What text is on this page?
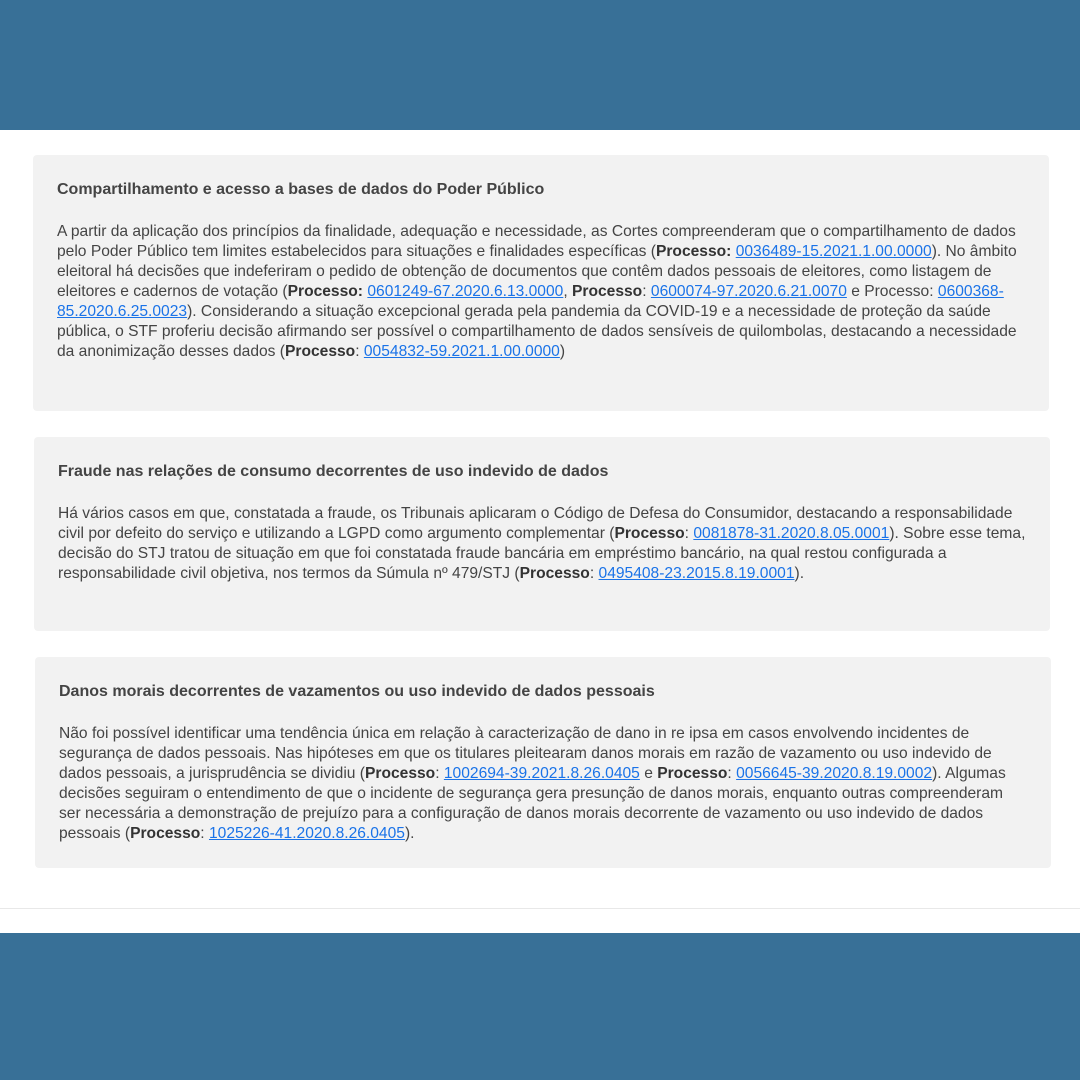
Compartilhamento e acesso a bases de dados do Poder Público

A partir da aplicação dos princípios da finalidade, adequação e necessidade, as Cortes compreenderam que o compartilhamento de dados pelo Poder Público tem limites estabelecidos para situações e finalidades específicas (Processo: 0036489-15.2021.1.00.0000). No âmbito eleitoral há decisões que indeferiram o pedido de obtenção de documentos que contêm dados pessoais de eleitores, como listagem de eleitores e cadernos de votação (Processo: 0601249-67.2020.6.13.0000, Processo: 0600074-97.2020.6.21.0070 e Processo: 0600368-85.2020.6.25.0023). Considerando a situação excepcional gerada pela pandemia da COVID-19 e a necessidade de proteção da saúde pública, o STF proferiu decisão afirmando ser possível o compartilhamento de dados sensíveis de quilombolas, destacando a necessidade da anonimização desses dados (Processo: 0054832-59.2021.1.00.0000)

Fraude nas relações de consumo decorrentes de uso indevido de dados

Há vários casos em que, constatada a fraude, os Tribunais aplicaram o Código de Defesa do Consumidor, destacando a responsabilidade civil por defeito do serviço e utilizando a LGPD como argumento complementar (Processo: 0081878-31.2020.8.05.0001). Sobre esse tema, decisão do STJ tratou de situação em que foi constatada fraude bancária em empréstimo bancário, na qual restou configurada a responsabilidade civil objetiva, nos termos da Súmula nº 479/STJ (Processo: 0495408-23.2015.8.19.0001).

Danos morais decorrentes de vazamentos ou uso indevido de dados pessoais

Não foi possível identificar uma tendência única em relação à caracterização de dano in re ipsa em casos envolvendo incidentes de segurança de dados pessoais. Nas hipóteses em que os titulares pleitearam danos morais em razão de vazamento ou uso indevido de dados pessoais, a jurisprudência se dividiu (Processo: 1002694-39.2021.8.26.0405 e Processo: 0056645-39.2020.8.19.0002). Algumas decisões seguiram o entendimento de que o incidente de segurança gera presunção de danos morais, enquanto outras compreenderam ser necessária a demonstração de prejuízo para a configuração de danos morais decorrente de vazamento ou uso indevido de dados pessoais (Processo: 1025226-41.2020.8.26.0405).
